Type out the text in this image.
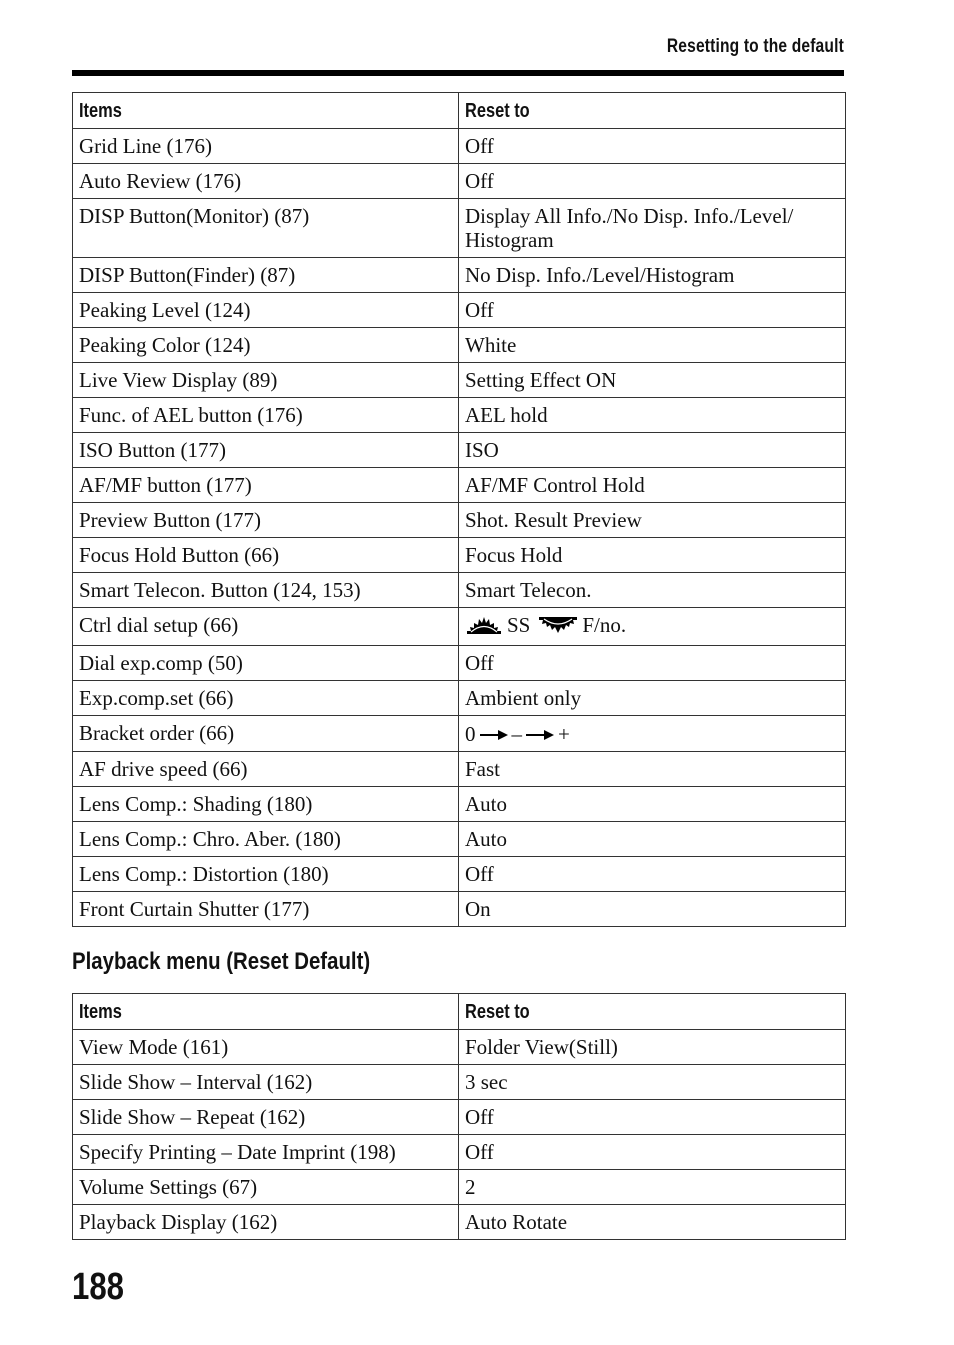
Resetting to the default
Items	Reset to
Grid Line (176)	Off
Auto Review (176)	Off
DISP Button(Monitor) (87)	Display All Info./No Disp. Info./Level/ Histogram
DISP Button(Finder) (87)	No Disp. Info./Level/Histogram
Peaking Level (124)	Off
Peaking Color (124)	White
Live View Display (89)	Setting Effect ON
Func. of AEL button (176)	AEL hold
ISO Button (177)	ISO
AF/MF button (177)	AF/MF Control Hold
Preview Button (177)	Shot. Result Preview
Focus Hold Button (66)	Focus Hold
Smart Telecon. Button (124, 153)	Smart Telecon.
Ctrl dial setup (66)	SS F/no.
Dial exp.comp (50)	Off
Exp.comp.set (66)	Ambient only
Bracket order (66)	0 – +
AF drive speed (66)	Fast
Lens Comp.: Shading (180)	Auto
Lens Comp.: Chro. Aber. (180)	Auto
Lens Comp.: Distortion (180)	Off
Front Curtain Shutter (177)	On
Playback menu (Reset Default)
Items	Reset to
View Mode (161)	Folder View(Still)
Slide Show – Interval (162)	3 sec
Slide Show – Repeat (162)	Off
Specify Printing – Date Imprint (198)	Off
Volume Settings (67)	2
Playback Display (162)	Auto Rotate
188
